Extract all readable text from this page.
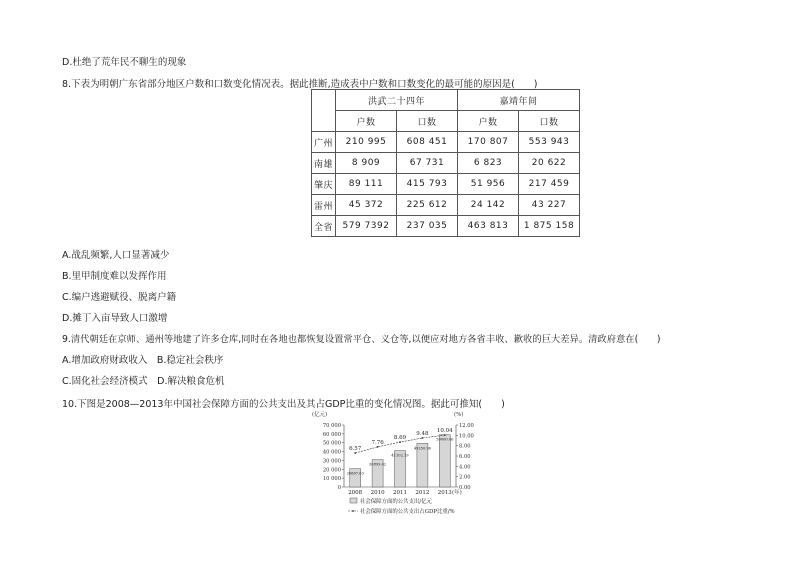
D.杜绝了荒年民不聊生的现象
8.下表为明朝广东省部分地区户数和口数变化情况表。据此推断,造成表中户数和口数变化的最可能的原因是(　　)
	洪武二十四年		嘉靖年间	
	户数	口数	户数	口数
广州	210 995	608 451	170 807	553 943
南雄	8 909	67 731	6 823	20 622
肇庆	89 111	415 793	51 956	217 459
雷州	45 372	225 612	24 142	43 227
全省	579 7392	237 035	463 813	1 875 158
A.战乱频繁,人口显著减少
B.里甲制度难以发挥作用
C.编户逃避赋役、脱离户籍
D.摊丁入亩导致人口激增
9.清代朝廷在京师、通州等地建了许多仓库,同时在各地也都恢复设置常平仓、义仓等,以便应对地方各省丰收、歉收的巨大差异。清政府意在(　　)
A.增加政府财政收入　B.稳定社会秩序
C.固化社会经济模式　D.解决粮食危机
10.下图是2008—2013年中国社会保障方面的公共支出及其占GDP比重的变化情况图。据此可推知(　　)
(亿元)	(%)
0
10 000
20 000
30 000
40 000
50 000
60 000
70 000
0.00
2.00
4.00
6.00
8.00
10.00
12.00
20667.63
2008
6.57
30899.02
2010
7.76
41102.19
2011
8.69
49250.96
2012
9.48
59000.46
2013
10.04
(年)
社会保障方面的公共支出/亿元
社会保障方面的公共支出占GDP比重/%
